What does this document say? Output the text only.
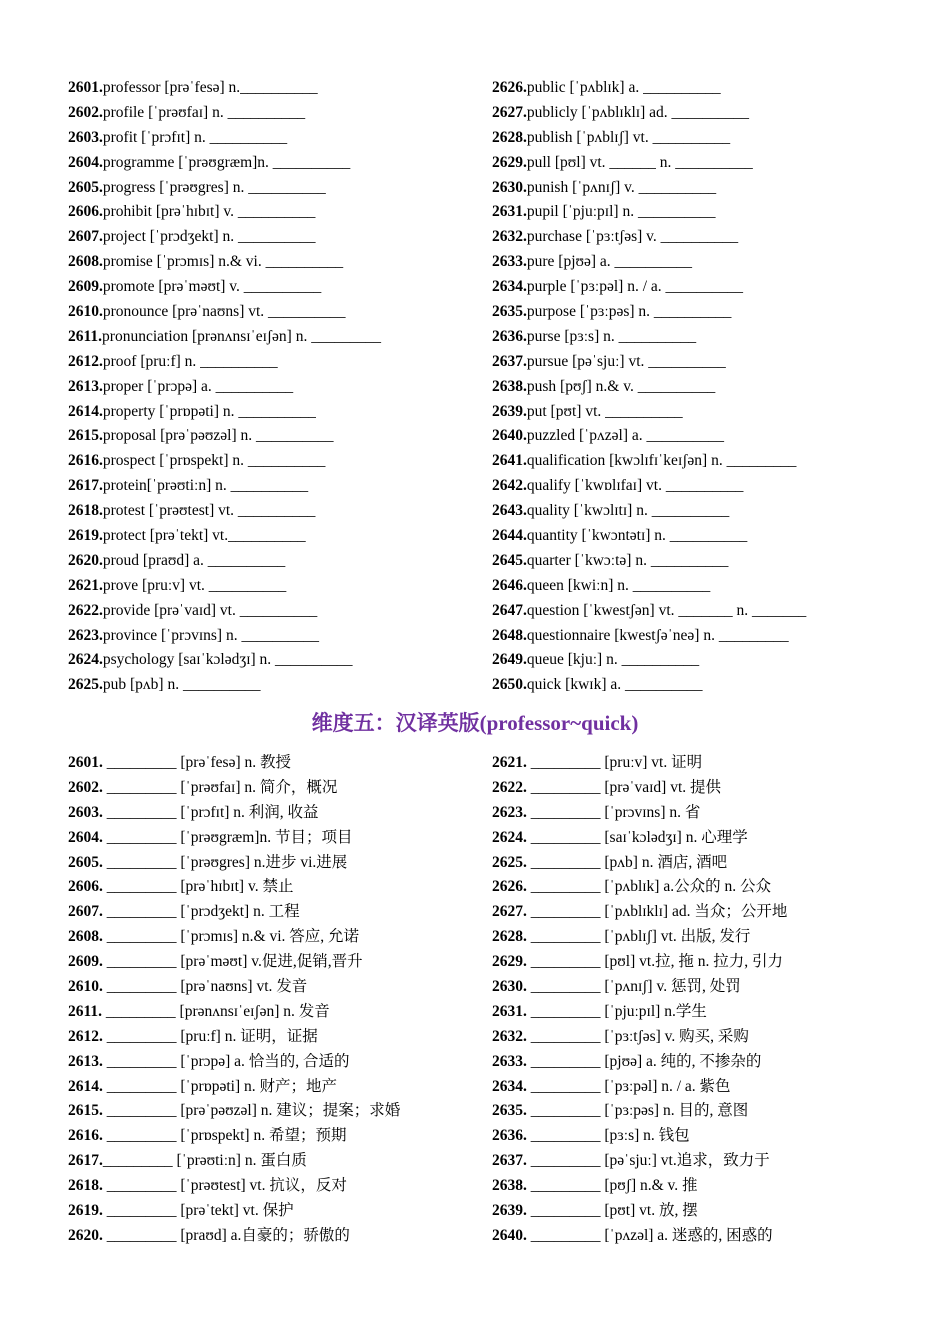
2601.professor [prəˈfesə] n.__________
2602.profile [ˈprəʊfaɪ] n. __________
2603.profit [ˈprɔfɪt] n. __________
2604.programme [ˈprəʊgræm]n. __________
2605.progress [ˈprəʊgres] n. __________
2606.prohibit [prəˈhɪbɪt] v. __________
2607.project [ˈprɔdʒekt] n. __________
2608.promise [ˈprɔmɪs] n.& vi. __________
2609.promote [prəˈməʊt] v. __________
2610.pronounce [prəˈnaʊns] vt. __________
2611.pronunciation [prənʌnsɪˈeɪʃən] n. _________
2612.proof [pruːf] n. __________
2613.proper [ˈprɔpə] a. __________
2614.property [ˈprɒpəti] n. __________
2615.proposal [prəˈpəʊzəl] n. __________
2616.prospect [ˈprɒspekt] n. __________
2617.protein[ˈprəʊtiːn] n. __________
2618.protest [ˈprəʊtest] vt. __________
2619.protect [prəˈtekt] vt.__________
2620.proud [praʊd] a. __________
2621.prove [pruːv] vt. __________
2622.provide [prəˈvaɪd] vt. __________
2623.province [ˈprɔvɪns] n. __________
2624.psychology [saɪˈkɔlədʒɪ] n. __________
2625.pub [pʌb] n. __________
2626.public [ˈpʌblɪk] a. __________
2627.publicly [ˈpʌblɪklɪ] ad. __________
2628.publish [ˈpʌblɪʃ] vt. __________
2629.pull [pʊl] vt. ______ n. __________
2630.punish [ˈpʌnɪʃ] v. __________
2631.pupil [ˈpjuːpɪl] n. __________
2632.purchase [ˈpɜːtʃəs] v. __________
2633.pure [pjʊə] a. __________
2634.purple [ˈpɜːpəl] n. / a. __________
2635.purpose [ˈpɜːpəs] n. __________
2636.purse [pɜːs] n. __________
2637.pursue [pəˈsjuː] vt. __________
2638.push [pʊʃ] n.& v. __________
2639.put [pʊt] vt. __________
2640.puzzled [ˈpʌzəl] a. __________
2641.qualification [kwɔlɪfɪˈkeɪʃən] n. _________
2642.qualify [ˈkwɒlɪfaɪ] vt. __________
2643.quality [ˈkwɔlɪtɪ] n. __________
2644.quantity [ˈkwɔntətɪ] n. __________
2645.quarter [ˈkwɔːtə] n. __________
2646.queen [kwiːn] n. __________
2647.question [ˈkwestʃən] vt. _______ n. _______
2648.questionnaire [kwestʃəˈneə] n. _________
2649.queue [kjuː] n. __________
2650.quick [kwɪk] a. __________
维度五：汉译英版(professor~quick)
2601. _________ [prəˈfesə] n. 教授
2602. _________ [ˈprəʊfaɪ] n. 简介，概况
2603. _________ [ˈprɔfɪt] n. 利润, 收益
2604. _________ [ˈprəʊgræm]n. 节目；项目
2605. _________ [ˈprəʊgres] n.进步 vi.进展
2606. _________ [prəˈhɪbɪt] v. 禁止
2607. _________ [ˈprɔdʒekt] n. 工程
2608. _________ [ˈprɔmɪs] n.& vi. 答应, 允诺
2609. _________ [prəˈməʊt] v.促进,促销,晋升
2610. _________ [prəˈnaʊns] vt. 发音
2611. _________ [prənʌnsɪˈeɪʃən] n. 发音
2612. _________ [pruːf] n. 证明，证据
2613. _________ [ˈprɔpə] a. 恰当的, 合适的
2614. _________ [ˈprɒpəti] n. 财产；地产
2615. _________ [prəˈpəʊzəl] n. 建议；提案；求婚
2616. _________ [ˈprɒspekt] n. 希望；预期
2617._________ [ˈprəʊtiːn] n. 蛋白质
2618. _________ [ˈprəʊtest] vt. 抗议，反对
2619. _________ [prəˈtekt] vt. 保护
2620. _________ [praʊd] a.自豪的；骄傲的
2621. _________ [pruːv] vt. 证明
2622. _________ [prəˈvaɪd] vt. 提供
2623. _________ [ˈprɔvɪns] n. 省
2624. _________ [saɪˈkɔlədʒɪ] n. 心理学
2625. _________ [pʌb] n. 酒店, 酒吧
2626. _________ [ˈpʌblɪk] a.公众的 n. 公众
2627. _________ [ˈpʌblɪklɪ] ad. 当众；公开地
2628. _________ [ˈpʌblɪʃ] vt. 出版, 发行
2629. _________ [pʊl] vt.拉, 拖 n. 拉力, 引力
2630. _________ [ˈpʌnɪʃ] v. 惩罚, 处罚
2631. _________ [ˈpjuːpɪl] n.学生
2632. _________ [ˈpɜːtʃəs] v. 购买, 采购
2633. _________ [pjʊə] a. 纯的, 不掺杂的
2634. _________ [ˈpɜːpəl] n. / a. 紫色
2635. _________ [ˈpɜːpəs] n. 目的, 意图
2636. _________ [pɜːs] n. 钱包
2637. _________ [pəˈsjuː] vt.追求，致力于
2638. _________ [pʊʃ] n.& v. 推
2639. _________ [pʊt] vt. 放, 摆
2640. _________ [ˈpʌzəl] a. 迷惑的, 困惑的
